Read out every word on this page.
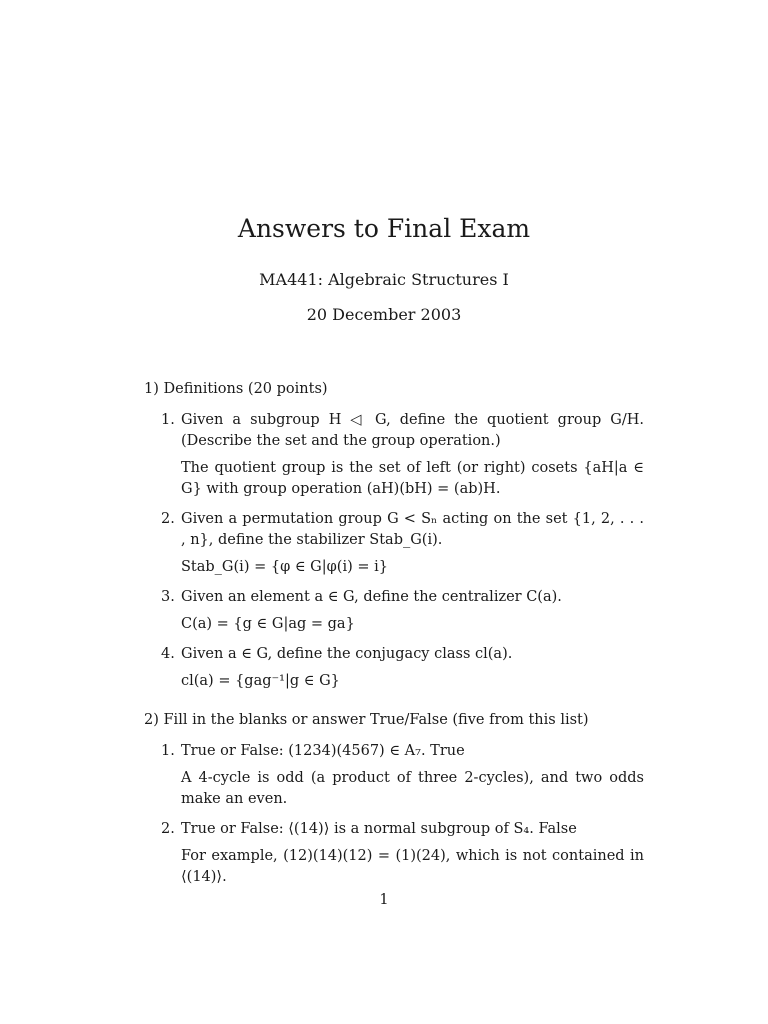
Answers to Final Exam
MA441: Algebraic Structures I
20 December 2003

1) Definitions (20 points)

1. Given a subgroup H ◁ G, define the quotient group G/H. (Describe the set and the group operation.)

The quotient group is the set of left (or right) cosets {aH|a ∈ G} with group operation (aH)(bH) = (ab)H.

2. Given a permutation group G < Sₙ acting on the set {1, 2, . . . , n}, define the stabilizer Stab_G(i).

Stab_G(i) = {φ ∈ G|φ(i) = i}

3. Given an element a ∈ G, define the centralizer C(a).

C(a) = {g ∈ G|ag = ga}

4. Given a ∈ G, define the conjugacy class cl(a).

cl(a) = {gag⁻¹|g ∈ G}

2) Fill in the blanks or answer True/False (five from this list)

1. True or False: (1234)(4567) ∈ A₇. True

A 4-cycle is odd (a product of three 2-cycles), and two odds make an even.

2. True or False: ⟨(14)⟩ is a normal subgroup of S₄. False

For example, (12)(14)(12) = (1)(24), which is not contained in ⟨(14)⟩.

1
